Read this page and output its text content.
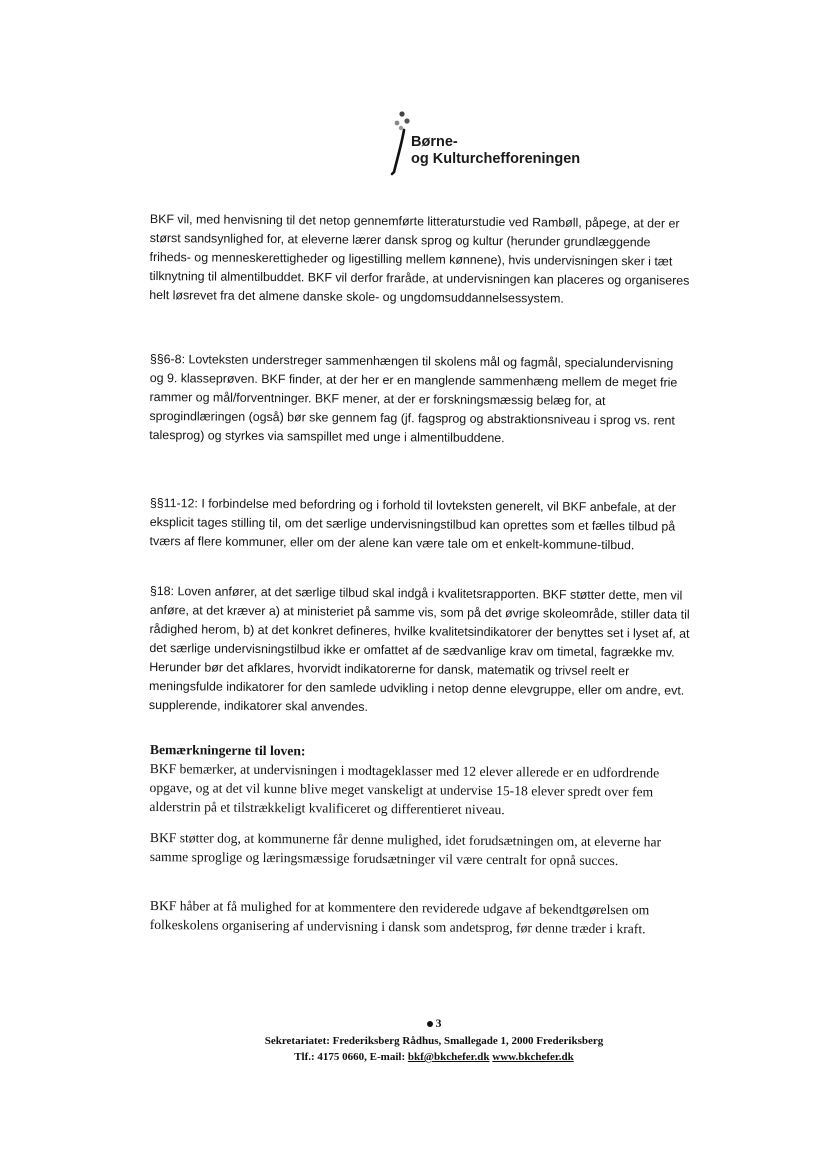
Børne-
og Kulturchefforeningen

BKF vil, med henvisning til det netop gennemførte litteraturstudie ved Rambøll, påpege, at der er størst sandsynlighed for, at eleverne lærer dansk sprog og kultur (herunder grundlæggende friheds- og menneskerettigheder og ligestilling mellem kønnene), hvis undervisningen sker i tæt tilknytning til almentilbuddet. BKF vil derfor fraråde, at undervisningen kan placeres og organiseres helt løsrevet fra det almene danske skole- og ungdomsuddannelsessystem.

§§6-8: Lovteksten understreger sammenhængen til skolens mål og fagmål, specialundervisning og 9. klasseprøven. BKF finder, at der her er en manglende sammenhæng mellem de meget frie rammer og mål/forventninger. BKF mener, at der er forskningsmæssig belæg for, at sprogindlæringen (også) bør ske gennem fag (jf. fagsprog og abstraktionsniveau i sprog vs. rent talesprog) og styrkes via samspillet med unge i almentilbuddene.

§§11-12: I forbindelse med befordring og i forhold til lovteksten generelt, vil BKF anbefale, at der eksplicit tages stilling til, om det særlige undervisningstilbud kan oprettes som et fælles tilbud på tværs af flere kommuner, eller om der alene kan være tale om et enkelt-kommune-tilbud.

§18: Loven anfører, at det særlige tilbud skal indgå i kvalitetsrapporten. BKF støtter dette, men vil anføre, at det kræver a) at ministeriet på samme vis, som på det øvrige skoleområde, stiller data til rådighed herom, b) at det konkret defineres, hvilke kvalitetsindikatorer der benyttes set i lyset af, at det særlige undervisningstilbud ikke er omfattet af de sædvanlige krav om timetal, fagrække mv. Herunder bør det afklares, hvorvidt indikatorerne for dansk, matematik og trivsel reelt er meningsfulde indikatorer for den samlede udvikling i netop denne elevgruppe, eller om andre, evt. supplerende, indikatorer skal anvendes.

Bemærkningerne til loven:
BKF bemærker, at undervisningen i modtageklasser med 12 elever allerede er en udfordrende opgave, og at det vil kunne blive meget vanskeligt at undervise 15-18 elever spredt over fem alderstrin på et tilstrækkeligt kvalificeret og differentieret niveau.

BKF støtter dog, at kommunerne får denne mulighed, idet forudsætningen om, at eleverne har samme sproglige og læringsmæssige forudsætninger vil være centralt for opnå succes.

BKF håber at få mulighed for at kommentere den reviderede udgave af bekendtgørelsen om folkeskolens organisering af undervisning i dansk som andetsprog, før denne træder i kraft.

3
Sekretariatet: Frederiksberg Rådhus, Smallegade 1, 2000 Frederiksberg
Tlf.: 4175 0660, E-mail: bkf@bkchefer.dk www.bkchefer.dk
